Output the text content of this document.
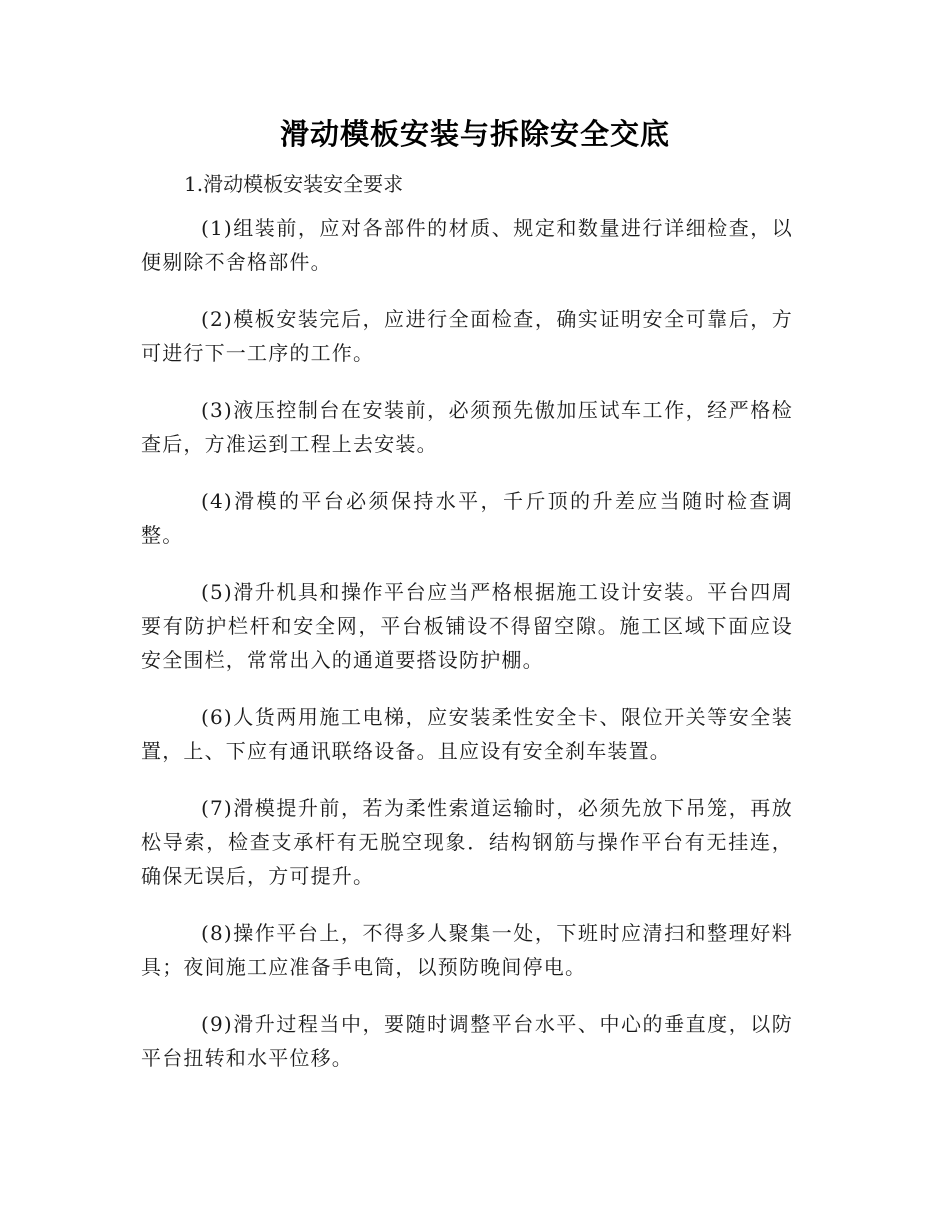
滑动模板安装与拆除安全交底

1.滑动模板安装安全要求

(1)组装前，应对各部件的材质、规定和数量进行详细检查，以便剔除不舍格部件。

(2)模板安装完后，应进行全面检查，确实证明安全可靠后，方可进行下一工序的工作。

(3)液压控制台在安装前，必须预先傲加压试车工作，经严格检查后，方准运到工程上去安装。

(4)滑模的平台必须保持水平，千斤顶的升差应当随时检查调整。

(5)滑升机具和操作平台应当严格根据施工设计安装。平台四周要有防护栏杆和安全网，平台板铺设不得留空隙。施工区域下面应设安全围栏，常常出入的通道要搭设防护棚。

(6)人货两用施工电梯，应安装柔性安全卡、限位开关等安全装置，上、下应有通讯联络设备。且应设有安全刹车装置。

(7)滑模提升前，若为柔性索道运输时，必须先放下吊笼，再放松导索，检查支承杆有无脱空现象．结构钢筋与操作平台有无挂连，确保无误后，方可提升。

(8)操作平台上，不得多人聚集一处，下班时应清扫和整理好料具；夜间施工应准备手电筒，以预防晚间停电。

(9)滑升过程当中，要随时调整平台水平、中心的垂直度，以防平台扭转和水平位移。
